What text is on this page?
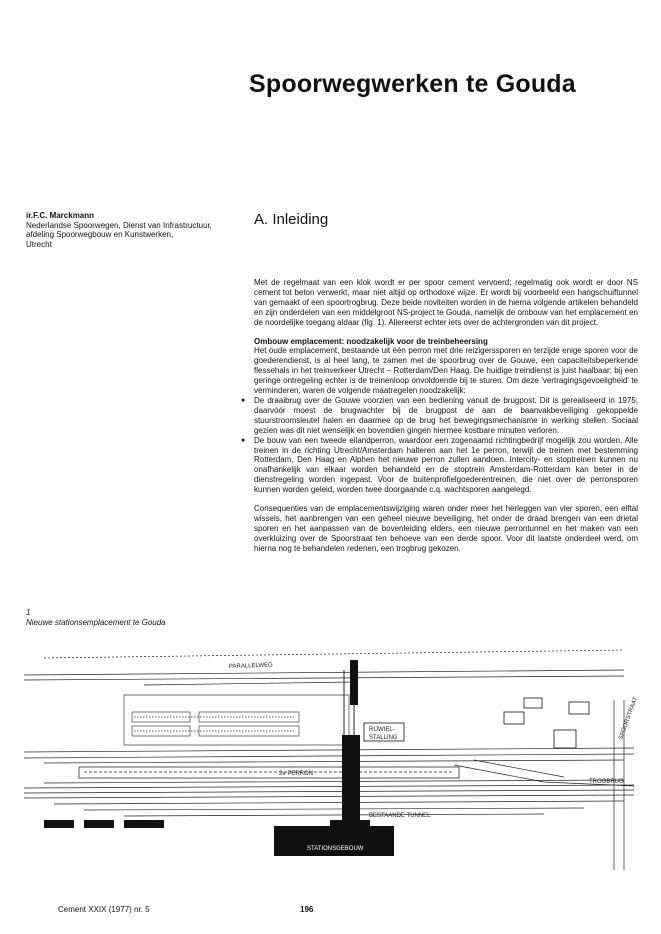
Spoorwegwerken te Gouda
ir.F.C. Marckmann
Nederlandse Spoorwegen, Dienst van Infrastructuur,
afdeling Spoorwegbouw en Kunstwerken,
Utrecht
A. Inleiding

Met de regelmaat van een klok wordt er per spoor cement vervoerd; regelmatig ook wordt er door NS cement tot beton verwerkt, maar niet altijd op orthodoxe wijze. Er wordt bij voorbeeld een hangschuiftunnel van gemaakt of een spoortrogbrug. Deze beide noviteiten worden in de hierna volgende artikelen behandeld en zijn onderdelen van een middelgroot NS-project te Gouda, namelijk de ombouw van het emplacement en de noordelijke toegang aldaar (fig. 1). Allereerst echter iets over de achtergronden van dit project.

Ombouw emplacement: noodzakelijk voor de treinbeheersing

Het oude emplacement, bestaande uit één perron met drie reizigerssporen en terzijde enige sporen voor de goederendienst, is al heel lang, te zamen met de spoorbrug over de Gouwe, een capaciteitsbeperkende flessehals in het treinverkeer Utrecht – Rotterdam/Den Haag. De huidige treindienst is juist haalbaar; bij een geringe ontregeling echter is de treinenloop onvoldoende bij te sturen. Om deze 'vertragingsgevoeligheid' te verminderen, waren de volgende maatregelen noodzakelijk:

● De draaibrug over de Gouwe voorzien van een bediening vanuit de brugpost. Dit is gerealiseerd in 1975; daarvóór moest de brugwachter bij de brugpost de aan de baanvakbeveiliging gekoppelde stuurstroomsleutel halen en daarmee op de brug het bewegingsmechanisme in werking stellen. Sociaal gezien was dit niet wenselijk en bovendien gingen hiermee kostbare minuten verloren.
● De bouw van een tweede eilandperron, waardoor een zogenaamd richtingbedrijf mogelijk zou worden. Alle treinen in de richting Utrecht/Amsterdam halteren aan het 1e perron, terwijl de treinen met bestemming Rotterdam, Den Haag en Alphen het nieuwe perron zullen aandoen. Intercity- en stoptreinen kunnen nu onafhankelijk van elkaar worden behandeld en de stoptrein Amsterdam-Rotterdam kan beter in de dienstregeling worden ingepast. Voor de buitenprofielgoederentreinen, die niet over de perronsporen kunnen worden geleid, worden twee doorgaande c.q. wachtsporen aangelegd.

Consequenties van de emplacementswijziging waren onder meer het herleggen van vier sporen, een elftal wissels, het aanbrengen van een geheel nieuwe beveiliging, het onder de draad brengen van een drietal sporen en het aanpassen van de bovenleiding elders, een nieuwe perrontunnel en het maken van een overkluizing over de Spoorstraat ten behoeve van een derde spoor. Voor dit laatste onderdeel werd, om hierna nog te behandelen redenen, een trogbrug gekozen.

1
Nieuwe stationsemplacement te Gouda
PARALLELWEG
RIJWIEL-
STALLING
2e PERRON
TROGBRUG
BESTAANDE TUNNEL
STATIONSGEBOUW
SPOORSTRAAT
Cement XXIX (1977) nr. 5	196
